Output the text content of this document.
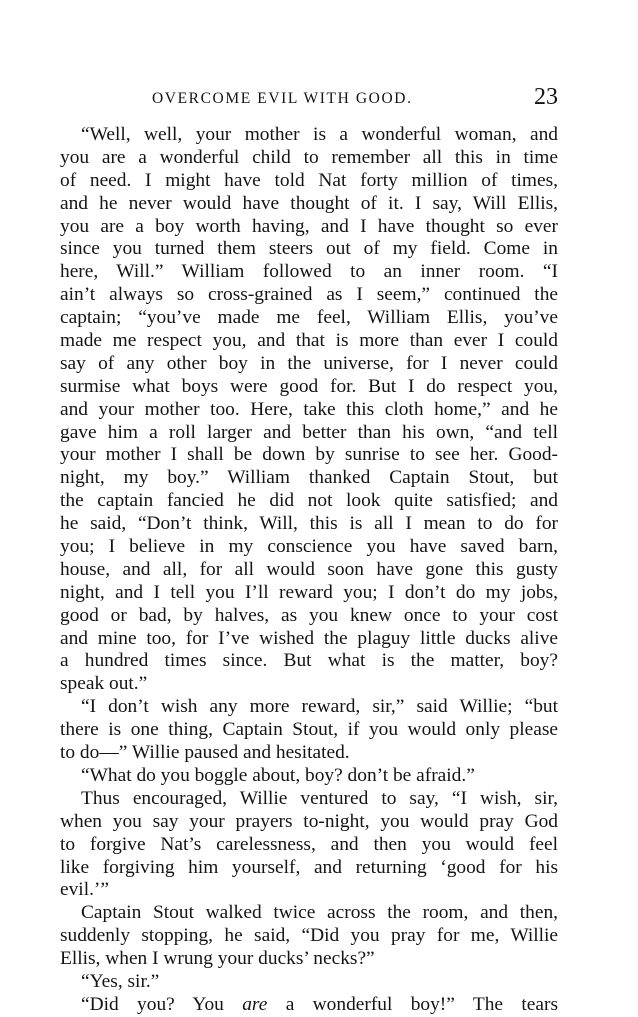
OVERCOME EVIL WITH GOOD.	23
“Well, well, your mother is a wonderful woman, and
you are a wonderful child to remember all this in time
of need. I might have told Nat forty million of times,
and he never would have thought of it. I say, Will Ellis,
you are a boy worth having, and I have thought so ever
since you turned them steers out of my field. Come in
here, Will.” William followed to an inner room. “I
ain’t always so cross-grained as I seem,” continued the
captain; “you’ve made me feel, William Ellis, you’ve
made me respect you, and that is more than ever I could
say of any other boy in the universe, for I never could
surmise what boys were good for. But I do respect you,
and your mother too. Here, take this cloth home,” and he
gave him a roll larger and better than his own, “and tell
your mother I shall be down by sunrise to see her. Good-
night, my boy.” William thanked Captain Stout, but
the captain fancied he did not look quite satisfied; and
he said, “Don’t think, Will, this is all I mean to do for
you; I believe in my conscience you have saved barn,
house, and all, for all would soon have gone this gusty
night, and I tell you I’ll reward you; I don’t do my jobs,
good or bad, by halves, as you knew once to your cost
and mine too, for I’ve wished the plaguy little ducks alive
a hundred times since. But what is the matter, boy?
speak out.”
“I don’t wish any more reward, sir,” said Willie; “but
there is one thing, Captain Stout, if you would only please
to do—” Willie paused and hesitated.
“What do you boggle about, boy? don’t be afraid.”
Thus encouraged, Willie ventured to say, “I wish, sir,
when you say your prayers to-night, you would pray God
to forgive Nat’s carelessness, and then you would feel
like forgiving him yourself, and returning ‘good for his
evil.’”
Captain Stout walked twice across the room, and then,
suddenly stopping, he said, “Did you pray for me, Willie
Ellis, when I wrung your ducks’ necks?”
“Yes, sir.”
“Did you? You are a wonderful boy!” The tears
